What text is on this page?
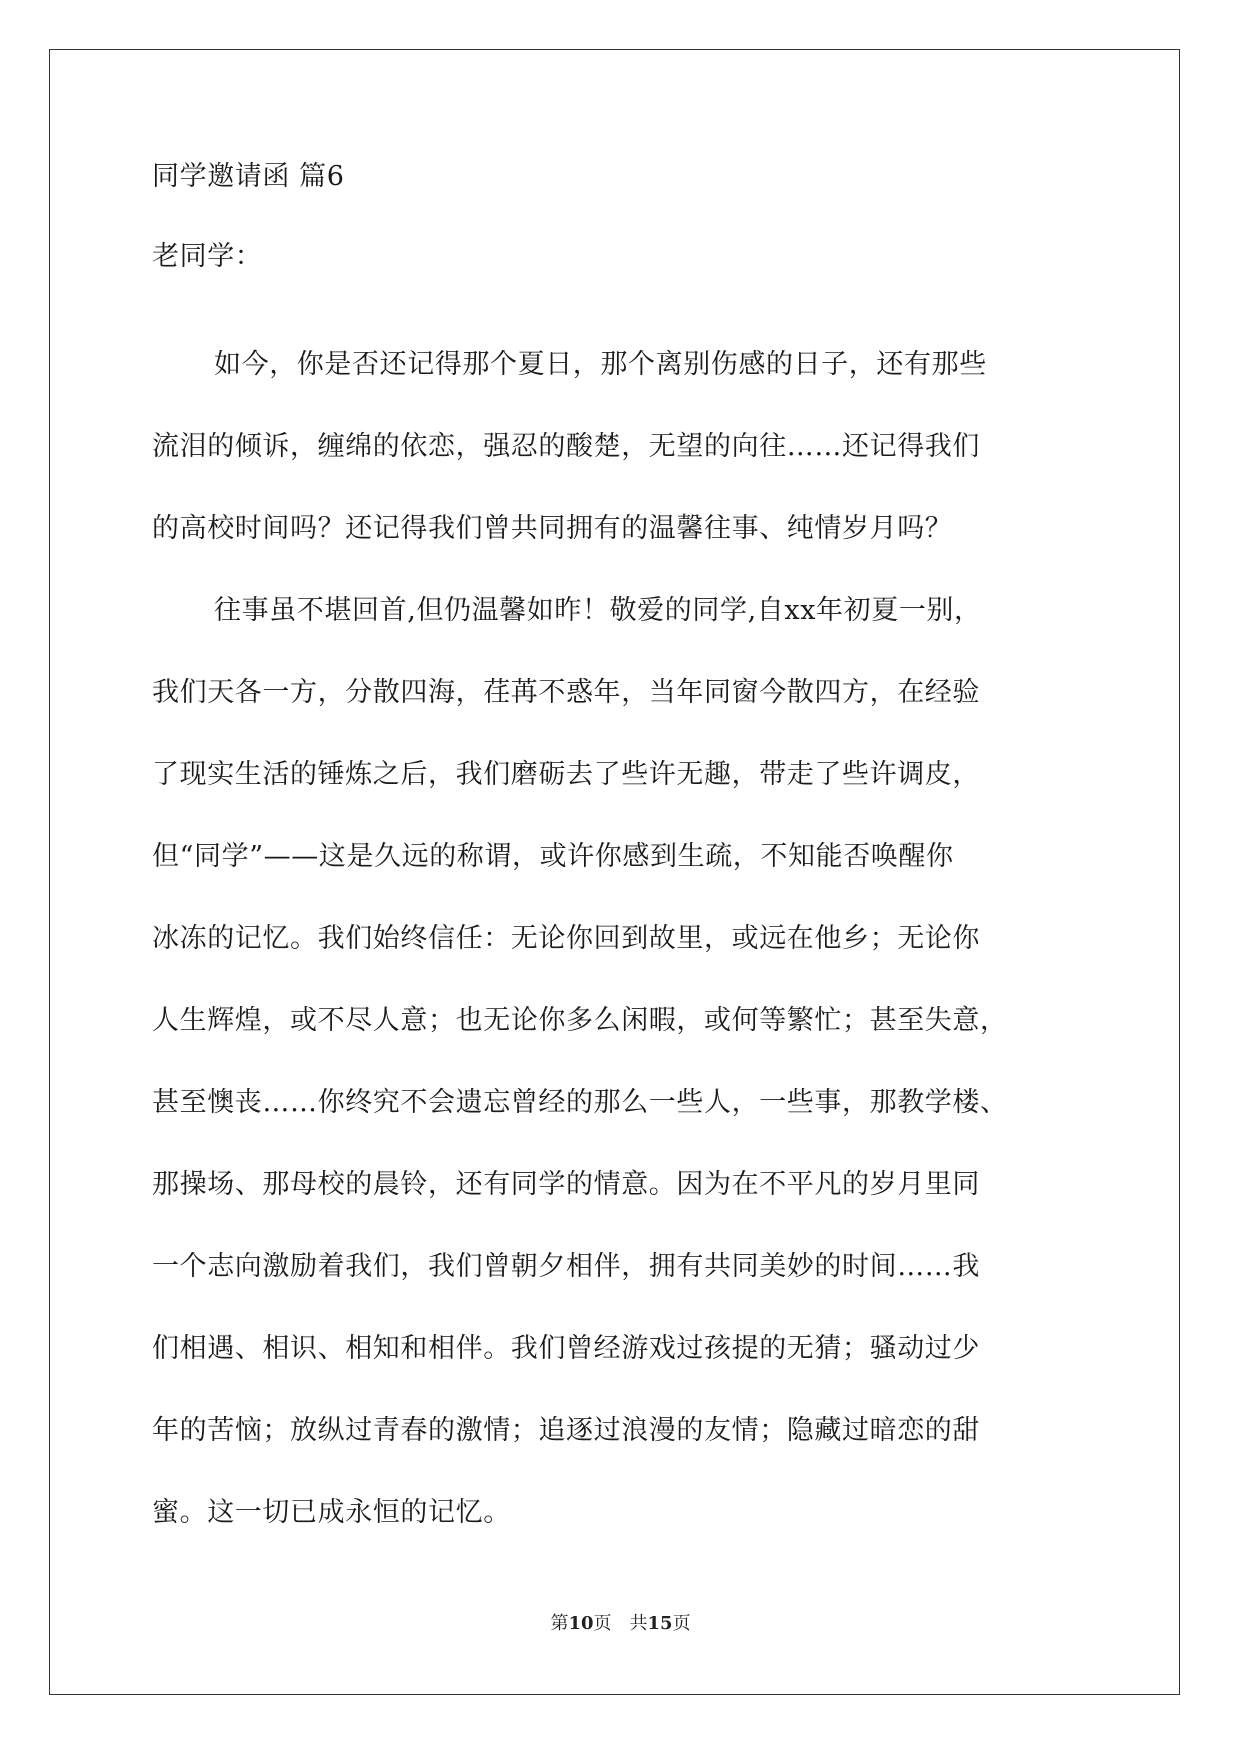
同学邀请函 篇6
老同学：
如今，你是否还记得那个夏日，那个离别伤感的日子，还有那些
流泪的倾诉，缠绵的依恋，强忍的酸楚，无望的向往……还记得我们
的高校时间吗？还记得我们曾共同拥有的温馨往事、纯情岁月吗？
往事虽不堪回首,但仍温馨如昨！敬爱的同学,自xx年初夏一别，
我们天各一方，分散四海，荏苒不惑年，当年同窗今散四方，在经验
了现实生活的锤炼之后，我们磨砺去了些许无趣，带走了些许调皮，
但“同学”——这是久远的称谓，或许你感到生疏，不知能否唤醒你
冰冻的记忆。我们始终信任：无论你回到故里，或远在他乡；无论你
人生辉煌，或不尽人意；也无论你多么闲暇，或何等繁忙；甚至失意，
甚至懊丧……你终究不会遗忘曾经的那么一些人，一些事，那教学楼、
那操场、那母校的晨铃，还有同学的情意。因为在不平凡的岁月里同
一个志向激励着我们，我们曾朝夕相伴，拥有共同美妙的时间……我
们相遇、相识、相知和相伴。我们曾经游戏过孩提的无猜；骚动过少
年的苦恼；放纵过青春的激情；追逐过浪漫的友情；隐藏过暗恋的甜
蜜。这一切已成永恒的记忆。
第10页　共15页
